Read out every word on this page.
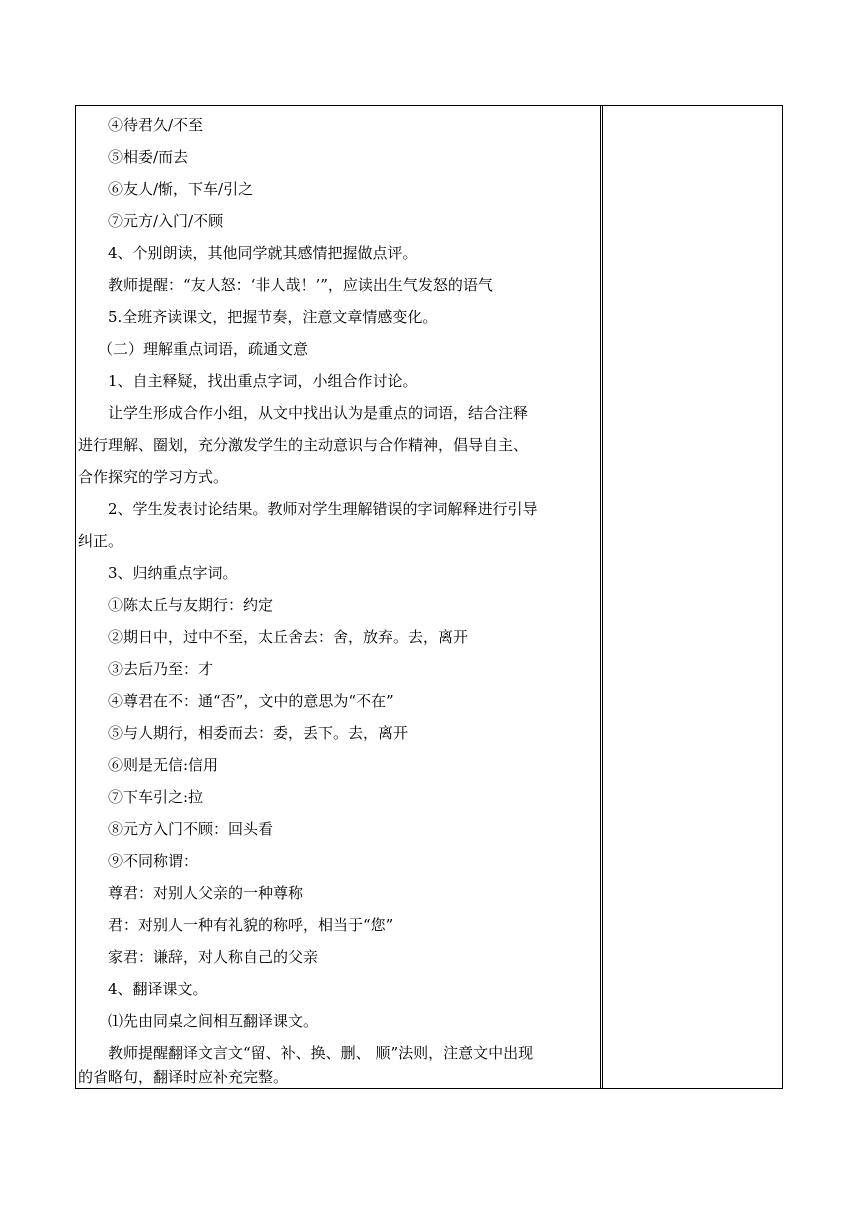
④待君久/不至
⑤相委/而去
⑥友人/惭，下车/引之
⑦元方/入门/不顾
4、个别朗读，其他同学就其感情把握做点评。
教师提醒：“友人怒：‘非人哉！’”，应读出生气发怒的语气
5.全班齐读课文，把握节奏，注意文章情感变化。
（二）理解重点词语，疏通文意
1、自主释疑，找出重点字词，小组合作讨论。
让学生形成合作小组，从文中找出认为是重点的词语，结合注释
进行理解、圈划，充分激发学生的主动意识与合作精神，倡导自主、
合作探究的学习方式。
2、学生发表讨论结果。教师对学生理解错误的字词解释进行引导
纠正。
3、归纳重点字词。
①陈太丘与友期行：约定
②期日中，过中不至，太丘舍去：舍，放弃。去，离开
③去后乃至：才
④尊君在不：通“否”，文中的意思为“不在”
⑤与人期行，相委而去：委，丢下。去，离开
⑥则是无信:信用
⑦下车引之:拉
⑧元方入门不顾：回头看
⑨不同称谓：
尊君：对别人父亲的一种尊称
君：对别人一种有礼貌的称呼，相当于“您”
家君：谦辞，对人称自己的父亲
4、翻译课文。
⑴先由同桌之间相互翻译课文。
教师提醒翻译文言文“留、补、换、删、 顺”法则，注意文中出现
的省略句，翻译时应补充完整。
